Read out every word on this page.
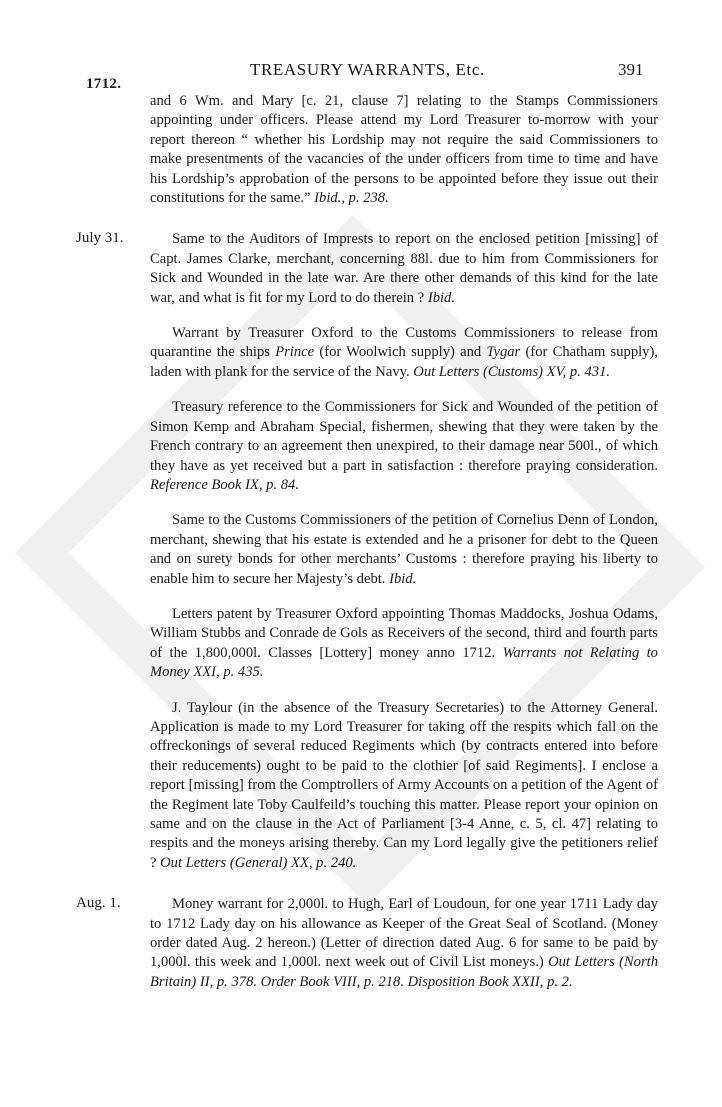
1712.
TREASURY WARRANTS, Etc.	391
and 6 Wm. and Mary [c. 21, clause 7] relating to the Stamps Commissioners appointing under officers. Please attend my Lord Treasurer to-morrow with your report thereon “ whether his Lordship may not require the said Commissioners to make presentments of the vacancies of the under officers from time to time and have his Lordship’s approbation of the persons to be appointed before they issue out their constitutions for the same.” Ibid., p. 238.
July 31.	Same to the Auditors of Imprests to report on the enclosed petition [missing] of Capt. James Clarke, merchant, concerning 88l. due to him from Commissioners for Sick and Wounded in the late war. Are there other demands of this kind for the late war, and what is fit for my Lord to do therein ? Ibid.
Warrant by Treasurer Oxford to the Customs Commissioners to release from quarantine the ships Prince (for Woolwich supply) and Tygar (for Chatham supply), laden with plank for the service of the Navy. Out Letters (Customs) XV, p. 431.
Treasury reference to the Commissioners for Sick and Wounded of the petition of Simon Kemp and Abraham Special, fishermen, shewing that they were taken by the French contrary to an agreement then unexpired, to their damage near 500l., of which they have as yet received but a part in satisfaction : therefore praying consideration. Reference Book IX, p. 84.
Same to the Customs Commissioners of the petition of Cornelius Denn of London, merchant, shewing that his estate is extended and he a prisoner for debt to the Queen and on surety bonds for other merchants’ Customs : therefore praying his liberty to enable him to secure her Majesty’s debt. Ibid.
Letters patent by Treasurer Oxford appointing Thomas Maddocks, Joshua Odams, William Stubbs and Conrade de Gols as Receivers of the second, third and fourth parts of the 1,800,000l. Classes [Lottery] money anno 1712. Warrants not Relating to Money XXI, p. 435.
J. Taylour (in the absence of the Treasury Secretaries) to the Attorney General. Application is made to my Lord Treasurer for taking off the respits which fall on the offreckonings of several reduced Regiments which (by contracts entered into before their reducements) ought to be paid to the clothier [of said Regiments]. I enclose a report [missing] from the Comptrollers of Army Accounts on a petition of the Agent of the Regiment late Toby Caulfeild’s touching this matter. Please report your opinion on same and on the clause in the Act of Parliament [3-4 Anne, c. 5, cl. 47] relating to respits and the moneys arising thereby. Can my Lord legally give the petitioners relief ? Out Letters (General) XX, p. 240.
Aug. 1.	Money warrant for 2,000l. to Hugh, Earl of Loudoun, for one year 1711 Lady day to 1712 Lady day on his allowance as Keeper of the Great Seal of Scotland. (Money order dated Aug. 2 hereon.) (Letter of direction dated Aug. 6 for same to be paid by 1,000l. this week and 1,000l. next week out of Civil List moneys.) Out Letters (North Britain) II, p. 378. Order Book VIII, p. 218. Disposition Book XXII, p. 2.
